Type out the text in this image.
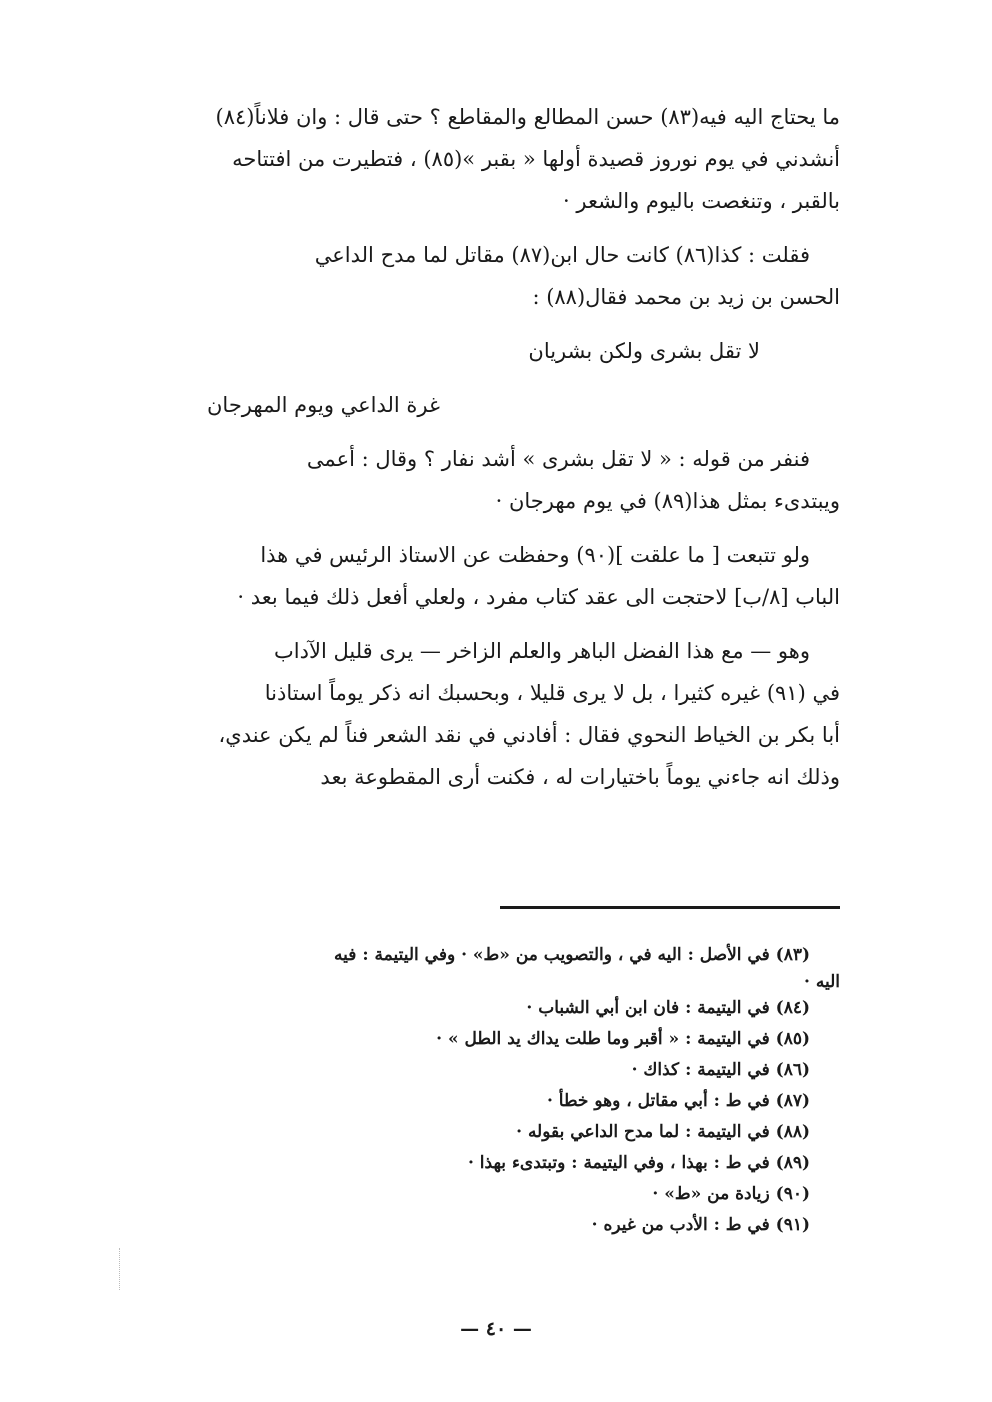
ما يحتاج اليه فيه(٨٣) حسن المطالع والمقاطع ؟ حتى قال : وان فلاناً(٨٤)
أنشدني في يوم نوروز قصيدة أولها « بقبر »(٨٥) ، فتطيرت من افتتاحه
بالقبر ، وتنغصت باليوم والشعر ·
فقلت : كذا(٨٦) كانت حال ابن(٨٧) مقاتل لما مدح الداعي
الحسن بن زيد بن محمد فقال(٨٨) :
لا تقل بشرى ولكن بشريان
غرة الداعي ويوم المهرجان
فنفر من قوله : « لا تقل بشرى » أشد نفار ؟ وقال : أعمى
ويبتدىء بمثل هذا(٨٩) في يوم مهرجان ·
ولو تتبعت [ ما علقت ](٩٠) وحفظت عن الاستاذ الرئيس في هذا
الباب [٨/ب] لاحتجت الى عقد كتاب مفرد ، ولعلي أفعل ذلك فيما بعد ·
وهو — مع هذا الفضل الباهر والعلم الزاخر — يرى قليل الآداب
في (٩١) غيره كثيرا ، بل لا يرى قليلا ، وبحسبك انه ذكر يوماً استاذنا
أبا بكر بن الخياط النحوي فقال : أفادني في نقد الشعر فناً لم يكن عندي،
وذلك انه جاءني يوماً باختيارات له ، فكنت أرى المقطوعة بعد
(٨٣) في الأصل : اليه في ، والتصويب من «ط» · وفي اليتيمة : فيه
اليه ·
(٨٤) في اليتيمة : فان ابن أبي الشباب ·
(٨٥) في اليتيمة : « أقبر وما طلت يداك يد الطل » ·
(٨٦) في اليتيمة : كذاك ·
(٨٧) في ط : أبي مقاتل ، وهو خطأ ·
(٨٨) في اليتيمة : لما مدح الداعي بقوله ·
(٨٩) في ط : بهذا ، وفي اليتيمة : وتبتدىء بهذا ·
(٩٠) زيادة من «ط» ·
(٩١) في ط : الأدب من غيره ·
— ٤٠ —
